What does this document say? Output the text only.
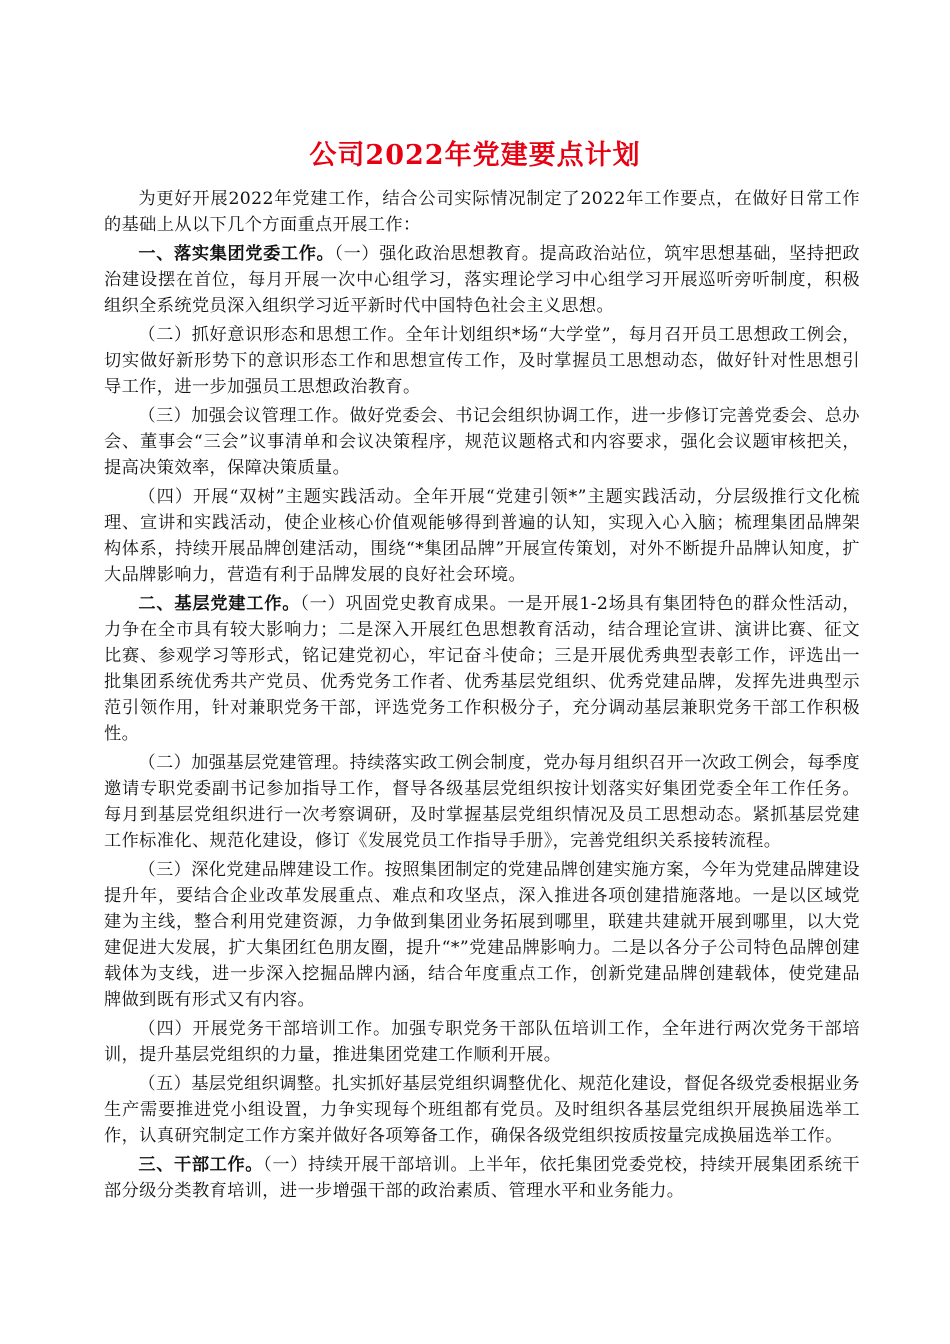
公司2022年党建要点计划

为更好开展2022年党建工作，结合公司实际情况制定了2022年工作要点，在做好日常工作的基础上从以下几个方面重点开展工作：

一、落实集团党委工作。（一）强化政治思想教育。提高政治站位，筑牢思想基础，坚持把政治建设摆在首位，每月开展一次中心组学习，落实理论学习中心组学习开展巡听旁听制度，积极组织全系统党员深入组织学习近平新时代中国特色社会主义思想。

（二）抓好意识形态和思想工作。全年计划组织*场“大学堂”，每月召开员工思想政工例会，切实做好新形势下的意识形态工作和思想宣传工作，及时掌握员工思想动态，做好针对性思想引导工作，进一步加强员工思想政治教育。

（三）加强会议管理工作。做好党委会、书记会组织协调工作，进一步修订完善党委会、总办会、董事会“三会”议事清单和会议决策程序，规范议题格式和内容要求，强化会议题审核把关，提高决策效率，保障决策质量。

（四）开展“双树”主题实践活动。全年开展“党建引领*”主题实践活动，分层级推行文化梳理、宣讲和实践活动，使企业核心价值观能够得到普遍的认知，实现入心入脑；梳理集团品牌架构体系，持续开展品牌创建活动，围绕“*集团品牌”开展宣传策划，对外不断提升品牌认知度，扩大品牌影响力，营造有利于品牌发展的良好社会环境。

二、基层党建工作。（一）巩固党史教育成果。一是开展1-2场具有集团特色的群众性活动，力争在全市具有较大影响力；二是深入开展红色思想教育活动，结合理论宣讲、演讲比赛、征文比赛、参观学习等形式，铭记建党初心，牢记奋斗使命；三是开展优秀典型表彰工作，评选出一批集团系统优秀共产党员、优秀党务工作者、优秀基层党组织、优秀党建品牌，发挥先进典型示范引领作用，针对兼职党务干部，评选党务工作积极分子，充分调动基层兼职党务干部工作积极性。

（二）加强基层党建管理。持续落实政工例会制度，党办每月组织召开一次政工例会，每季度邀请专职党委副书记参加指导工作，督导各级基层党组织按计划落实好集团党委全年工作任务。每月到基层党组织进行一次考察调研，及时掌握基层党组织情况及员工思想动态。紧抓基层党建工作标准化、规范化建设，修订《发展党员工作指导手册》，完善党组织关系接转流程。

（三）深化党建品牌建设工作。按照集团制定的党建品牌创建实施方案，今年为党建品牌建设提升年，要结合企业改革发展重点、难点和攻坚点，深入推进各项创建措施落地。一是以区域党建为主线，整合利用党建资源，力争做到集团业务拓展到哪里，联建共建就开展到哪里，以大党建促进大发展，扩大集团红色朋友圈，提升“*”党建品牌影响力。二是以各分子公司特色品牌创建载体为支线，进一步深入挖掘品牌内涵，结合年度重点工作，创新党建品牌创建载体，使党建品牌做到既有形式又有内容。

（四）开展党务干部培训工作。加强专职党务干部队伍培训工作，全年进行两次党务干部培训，提升基层党组织的力量，推进集团党建工作顺利开展。

（五）基层党组织调整。扎实抓好基层党组织调整优化、规范化建设，督促各级党委根据业务生产需要推进党小组设置，力争实现每个班组都有党员。及时组织各基层党组织开展换届选举工作，认真研究制定工作方案并做好各项筹备工作，确保各级党组织按质按量完成换届选举工作。

三、干部工作。（一）持续开展干部培训。上半年，依托集团党委党校，持续开展集团系统干部分级分类教育培训，进一步增强干部的政治素质、管理水平和业务能力。
